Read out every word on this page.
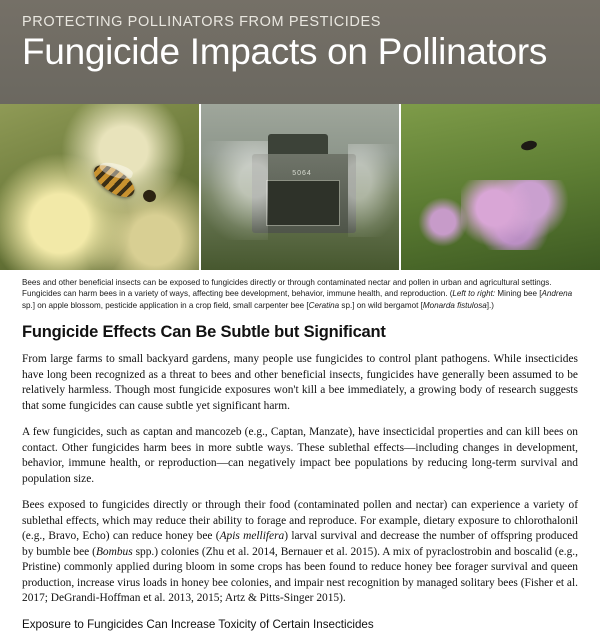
PROTECTING POLLINATORS FROM PESTICIDES

Fungicide Impacts on Pollinators
5064
Bees and other beneficial insects can be exposed to fungicides directly or through contaminated nectar and pollen in urban and agricultural settings. Fungicides can harm bees in a variety of ways, affecting bee development, behavior, immune health, and reproduction. (Left to right: Mining bee [Andrena sp.] on apple blossom, pesticide application in a crop field, small carpenter bee [Ceratina sp.] on wild bergamot [Monarda fistulosa].)
Fungicide Effects Can Be Subtle but Significant

From large farms to small backyard gardens, many people use fungicides to control plant pathogens. While insecticides have long been recognized as a threat to bees and other beneficial insects, fungicides have generally been assumed to be relatively harmless. Though most fungicide exposures won't kill a bee immediately, a growing body of research suggests that some fungicides can cause subtle yet significant harm.

A few fungicides, such as captan and mancozeb (e.g., Captan, Manzate), have insecticidal properties and can kill bees on contact. Other fungicides harm bees in more subtle ways. These sublethal effects—including changes in development, behavior, immune health, or reproduction—can negatively impact bee populations by reducing long-term survival and population size.

Bees exposed to fungicides directly or through their food (contaminated pollen and nectar) can experience a variety of sublethal effects, which may reduce their ability to forage and reproduce. For example, dietary exposure to chlorothalonil (e.g., Bravo, Echo) can reduce honey bee (Apis mellifera) larval survival and decrease the number of offspring produced by bumble bee (Bombus spp.) colonies (Zhu et al. 2014, Bernauer et al. 2015). A mix of pyraclostrobin and boscalid (e.g., Pristine) commonly applied during bloom in some crops has been found to reduce honey bee forager survival and queen production, increase virus loads in honey bee colonies, and impair nest recognition by managed solitary bees (Fisher et al. 2017; DeGrandi-Hoffman et al. 2013, 2015; Artz & Pitts-Singer 2015).

Exposure to Fungicides Can Increase Toxicity of Certain Insecticides
